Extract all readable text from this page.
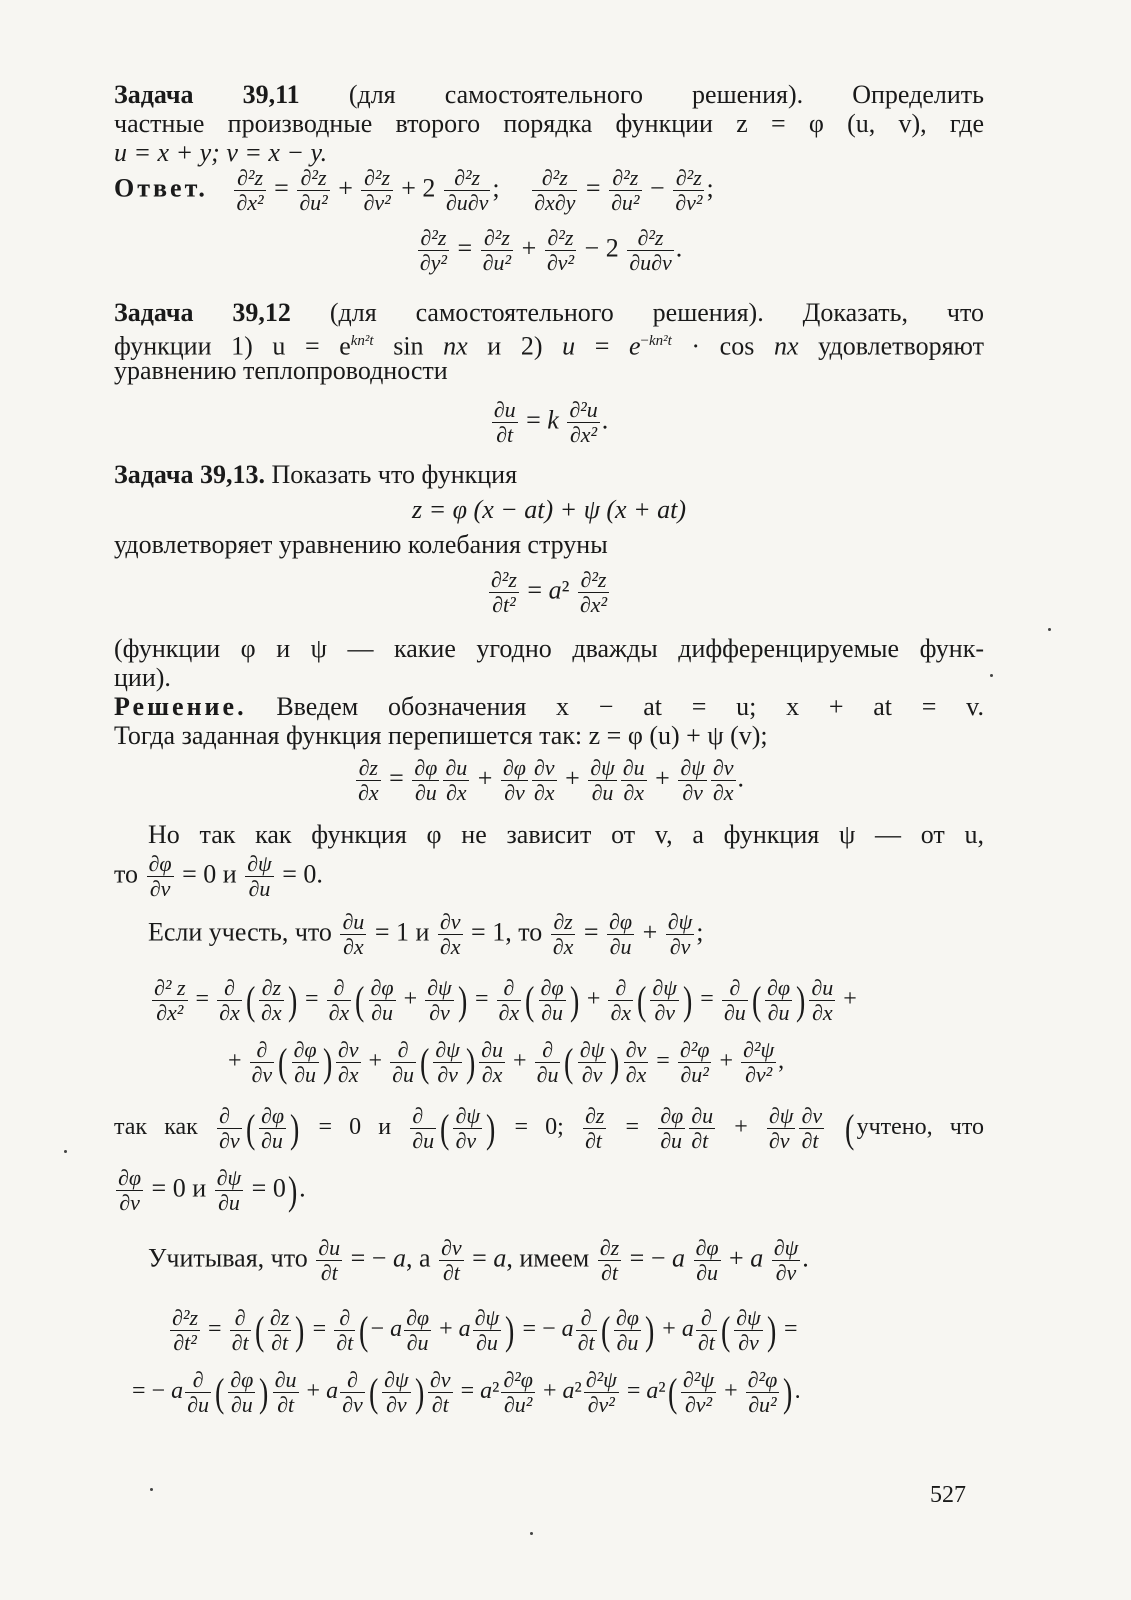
Задача 39,11 (для самостоятельного решения). Определить
частные производные второго порядка функции z = φ (u, v), где
u = x + y; v = x − y.
Ответ. $\frac{\text{∂²z}}{\text{∂x²}} = \frac{\text{∂²z}}{\text{∂u²}} + \frac{\text{∂²z}}{\text{∂v²}} + 2 \frac{\text{∂²z}}{\partial u\partial v}$ ; $\frac{\text{∂²z}}{\partial x\partial y} = \frac{\text{∂²z}}{\text{∂u²}} - \frac{\text{∂²z}}{\text{∂v²}}$ ;
$\frac{\text{∂²z}}{\text{∂y²}} = \frac{\text{∂²z}}{\text{∂u²}} + \frac{\text{∂²z}}{\text{∂v²}} - 2 \frac{\text{∂²z}}{\partial u\partial v}$ .
Задача 39,12 (для самостоятельного решения). Доказать, что
функции 1) $u = e^{kn^2t}$ sin nx и 2) $u = e^{-kn^2t} \cdot \cos$ nx удовлетворяют
уравнению теплопроводности
$\frac{\partial u}{\partial t} = k \frac{\text{∂²u}}{\text{∂x²}}$ .
Задача 39,13. Показать что функция
z = φ (x − at) + ψ (x + at)
удовлетворяет уравнению колебания струны
$\frac{\text{∂²z}}{\text{∂t²}} = a^2 \frac{\text{∂²z}}{\text{∂x²}}$
(функции φ и ψ — какие угодно дважды дифференцируемые функ-
ции).
Решение. Введем обозначения x − at = u; x + at = v.
Тогда заданная функция перепишется так: z = φ (u) + ψ (v);
$\frac{\partial z}{\partial x} = \frac{\partial\varphi}{\partial u} \frac{\partial u}{\partial x} + \frac{\partial\varphi}{\partial v} \frac{\partial v}{\partial x} + \frac{\partial\psi}{\partial u} \frac{\partial u}{\partial x} + \frac{\partial\psi}{\partial v} \frac{\partial v}{\partial x}$ .
Но так как функция φ не зависит от v, а функция ψ — от u,
то $\frac{\partial\varphi}{\partial v} = 0$ и $\frac{\partial\psi}{\partial u} = 0$.
Если учесть, что $\frac{\partial u}{\partial x} = 1$ и $\frac{\partial v}{\partial x} = 1$, то $\frac{\partial z}{\partial x} = \frac{\partial\varphi}{\partial u} + \frac{\partial\psi}{\partial v}$ ;
$\frac{\text{∂² z}}{\text{∂x²}}$ = ∂
∂x ( $\frac{\partial z}{\partial x}$ ) = ∂
∂x ( $\frac{\partial\varphi}{\partial u} + \frac{\partial\psi}{\partial v}$ ) = ∂
∂x ( $\frac{\partial\varphi}{\partial u}$ ) + ∂
∂x ( $\frac{\partial\psi}{\partial v}$ ) = ∂
∂u ( $\frac{\partial\varphi}{\partial u}$ ) $\frac{\partial u}{\partial x}$ +
+ ∂
∂v ( $\frac{\partial\varphi}{\partial u}$ ) $\frac{\partial v}{\partial x}$ + ∂
∂u ( $\frac{\partial\psi}{\partial v}$ ) $\frac{\partial u}{\partial x}$ + ∂
∂u ( $\frac{\partial\psi}{\partial v}$ ) $\frac{\partial v}{\partial x} = \frac{\text{∂²φ}}{\text{∂u²}} + \frac{\text{∂²ψ}}{\text{∂v²}}$ ,
так как ∂
∂v ( $\frac{\partial\varphi}{\partial u}$ ) = 0 и ∂
∂u ( $\frac{\partial\psi}{\partial v}$ ) = 0; $\frac{\partial z}{\partial t} = \frac{\partial\varphi}{\partial u} \frac{\partial u}{\partial t} + \frac{\partial\psi}{\partial v} \frac{\partial v}{\partial t}$ (учтено, что
$\frac{\partial\varphi}{\partial v} = 0$ и $\frac{\partial\psi}{\partial u} = 0$).
Учитывая, что $\frac{\partial u}{\partial t}$ = − a, а $\frac{\partial v}{\partial t} = a$, имеем $\frac{\partial z}{\partial t}$ = − a $\frac{\partial\varphi}{\partial u} + a \frac{\partial\psi}{\partial v}$ .
$\frac{\text{∂²z}}{\text{∂t²}}$ = ∂
∂t ( $\frac{\partial z}{\partial t}$ ) = ∂
∂t (− a $\frac{\partial\varphi}{\partial u} + a \frac{\partial\psi}{\partial u}$ ) = − a ∂
∂t ( $\frac{\partial\varphi}{\partial u}$ ) + a ∂
∂t ( $\frac{\partial\psi}{\partial v}$ ) =
= − a ∂
∂u ( $\frac{\partial\varphi}{\partial u}$ ) $\frac{\partial u}{\partial t} + a$ ∂
∂v ( $\frac{\partial\psi}{\partial v}$ ) $\frac{\partial v}{\partial t} = a^2 \frac{\text{∂²φ}}{\text{∂u²}} + a^2 \frac{\text{∂²ψ}}{\text{∂v²}} = a^2( \frac{\text{∂²ψ}}{\text{∂v²}} + \frac{\text{∂²φ}}{\text{∂u²}}$ ).
527
